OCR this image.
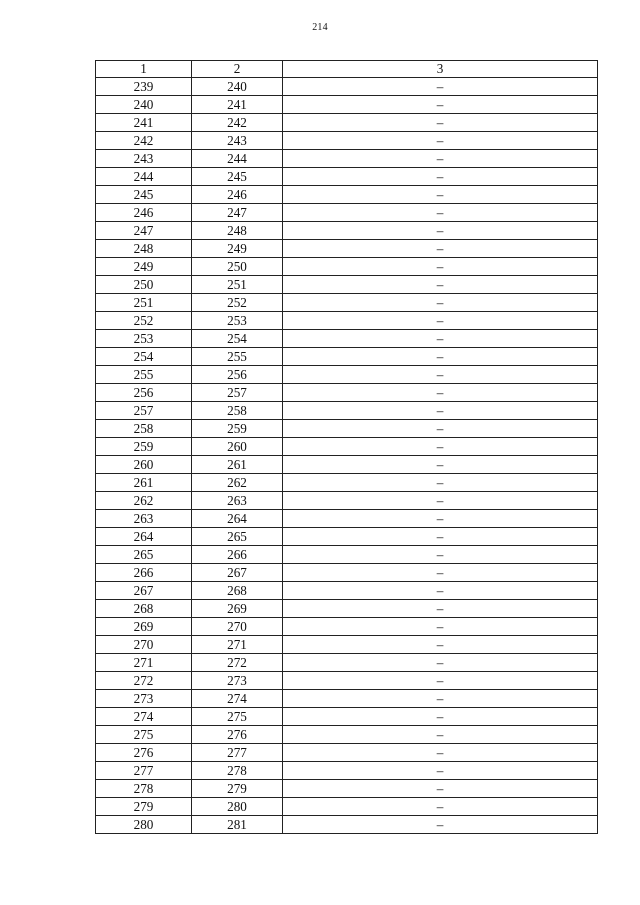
214
1	2	3
239	240	–
240	241	–
241	242	–
242	243	–
243	244	–
244	245	–
245	246	–
246	247	–
247	248	–
248	249	–
249	250	–
250	251	–
251	252	–
252	253	–
253	254	–
254	255	–
255	256	–
256	257	–
257	258	–
258	259	–
259	260	–
260	261	–
261	262	–
262	263	–
263	264	–
264	265	–
265	266	–
266	267	–
267	268	–
268	269	–
269	270	–
270	271	–
271	272	–
272	273	–
273	274	–
274	275	–
275	276	–
276	277	–
277	278	–
278	279	–
279	280	–
280	281	–
